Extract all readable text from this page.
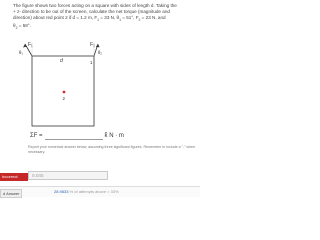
The figure shows two forces acting on a square with sides of length d. Taking the
+ z- direction to be out of the screen, calculate the net torque (magnitude and
direction) about red point 2 if d = 1.2 m, $F_1 = 33$ N, $\theta_1 = 51^\circ$, $F_2 = 23$ N, and
$\theta_2 = 58^\circ$.
F₁
θ₁
F₂
θ₂
d	1
2
ΣF =	k̂ N · m
Report your numerical answer below, assuming three significant figures. Remember to include a "-" when necessary.
Incorrect
0.045
d Answer	28.9833 % of attempts above = 33%
